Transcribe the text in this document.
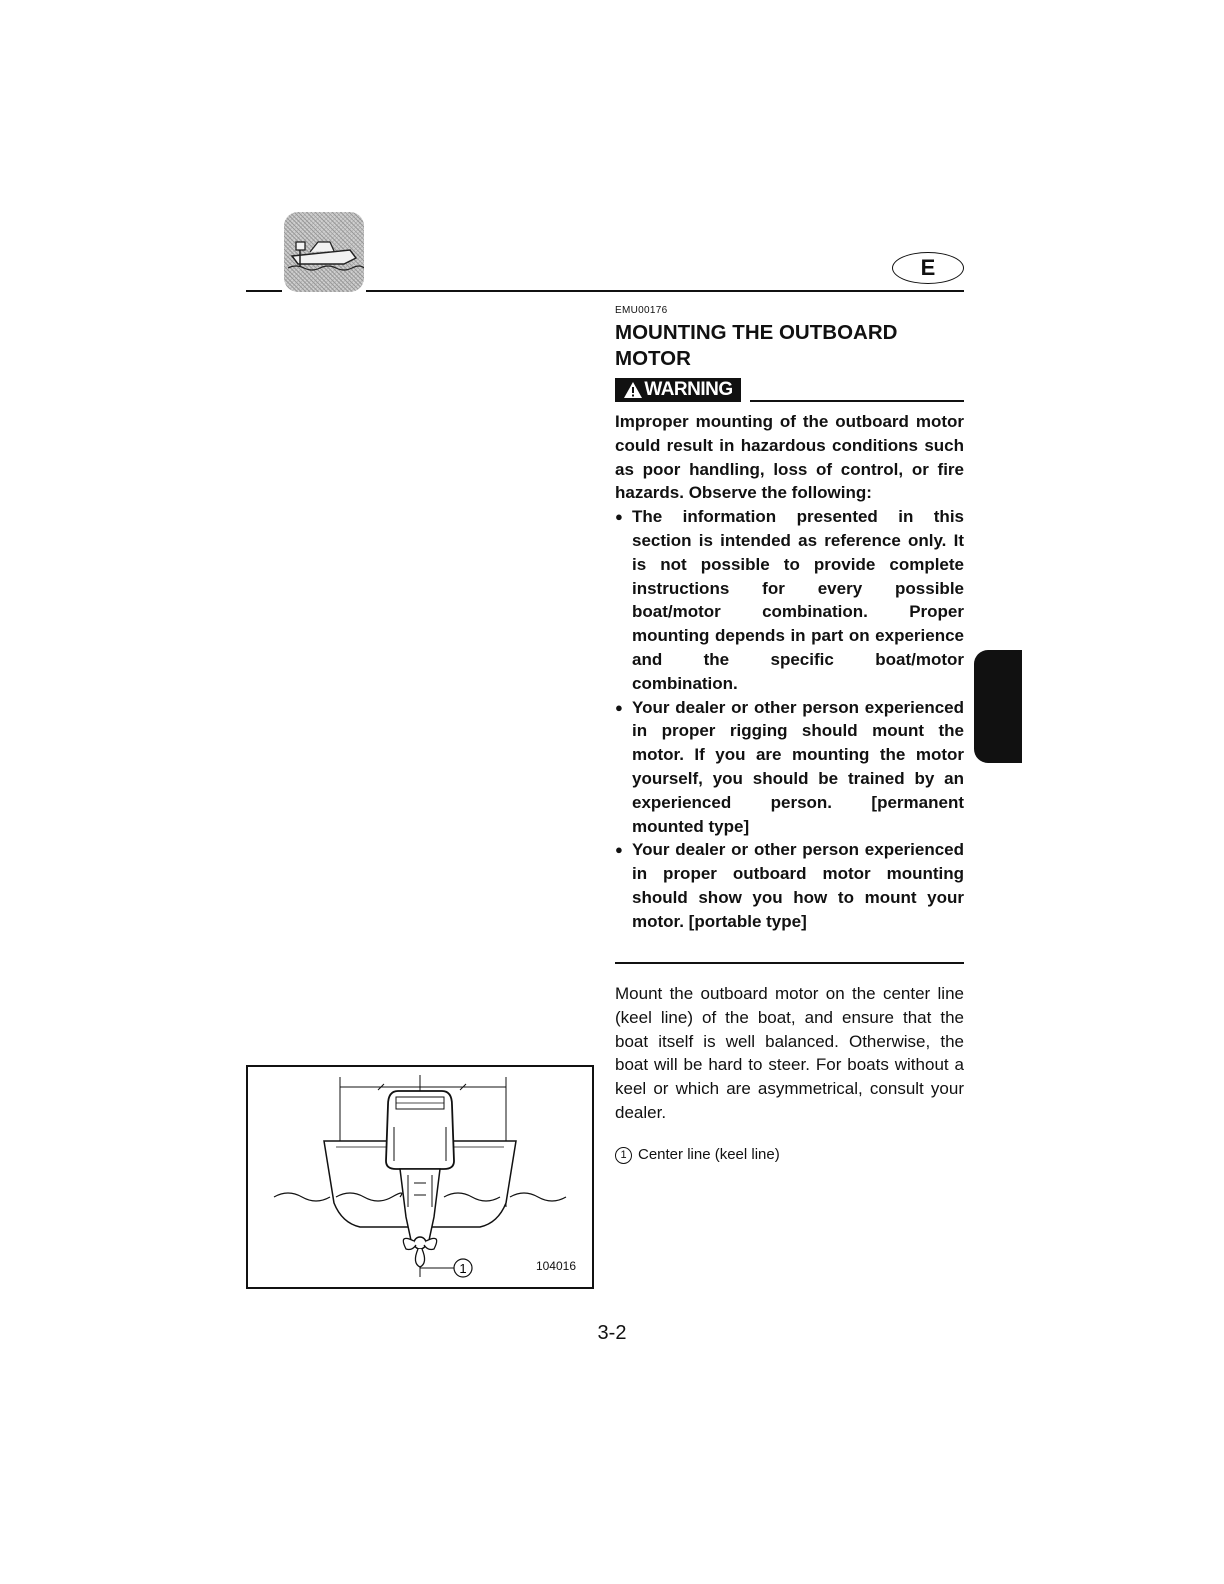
E
EMU00176
MOUNTING THE OUTBOARD MOTOR
WARNING

Improper mounting of the outboard motor could result in hazardous conditions such as poor handling, loss of control, or fire hazards. Observe the following:

● The information presented in this section is intended as reference only. It is not possible to provide complete instructions for every possible boat/motor combination. Proper mounting depends in part on experience and the specific boat/motor combination.
● Your dealer or other person experienced in proper rigging should mount the motor. If you are mounting the motor yourself, you should be trained by an experienced person. [permanent mounted type]
● Your dealer or other person experienced in proper outboard motor mounting should show you how to mount your motor. [portable type]

Mount the outboard motor on the center line (keel line) of the boat, and ensure that the boat itself is well balanced. Otherwise, the boat will be hard to steer. For boats without a keel or which are asymmetrical, consult your dealer.

1 Center line (keel line)
1	104016
3-2
